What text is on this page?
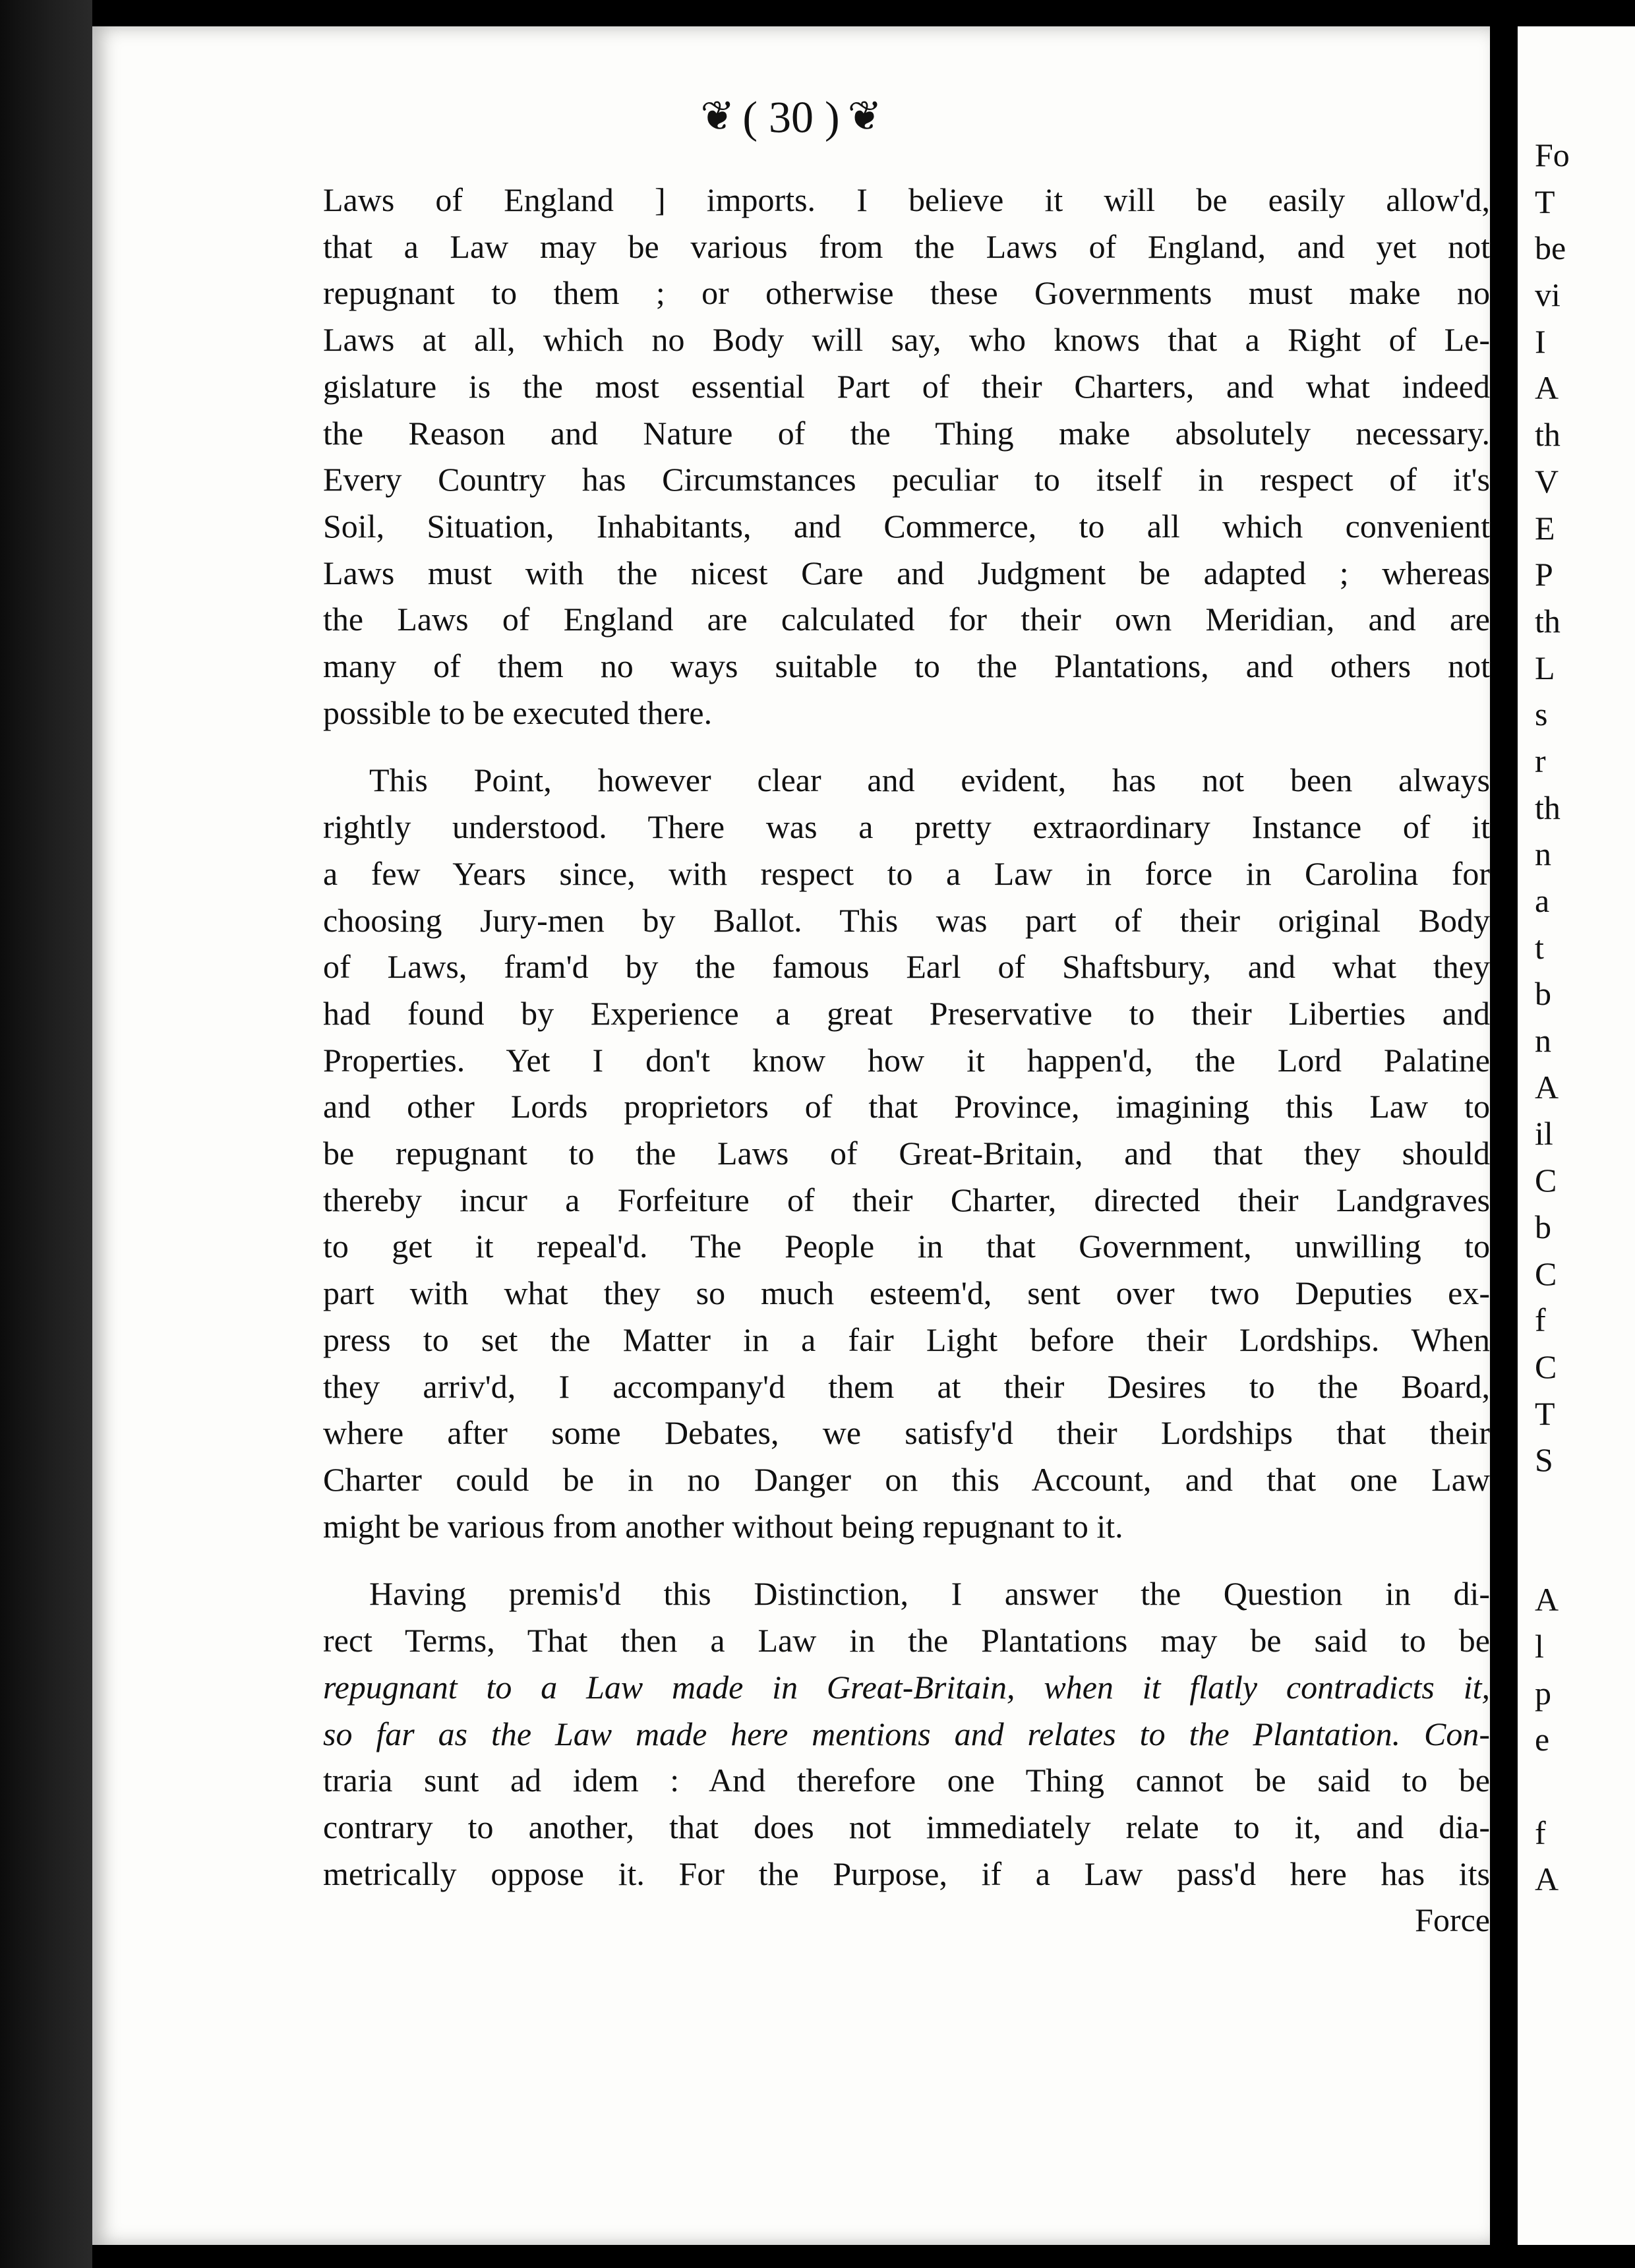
❦ ( 30 ) ❦
Laws of England ] imports. I believe it will be easily allow'd,
that a Law may be various from the Laws of England, and yet not
repugnant to them ; or otherwise these Governments must make no
Laws at all, which no Body will say, who knows that a Right of Le-
gislature is the most essential Part of their Charters, and what indeed
the Reason and Nature of the Thing make absolutely necessary.
Every Country has Circumstances peculiar to itself in respect of it's
Soil, Situation, Inhabitants, and Commerce, to all which convenient
Laws must with the nicest Care and Judgment be adapted ; whereas
the Laws of England are calculated for their own Meridian, and are
many of them no ways suitable to the Plantations, and others not
possible to be executed there.
This Point, however clear and evident, has not been always
rightly understood. There was a pretty extraordinary Instance of it
a few Years since, with respect to a Law in force in Carolina for
choosing Jury-men by Ballot. This was part of their original Body
of Laws, fram'd by the famous Earl of Shaftsbury, and what they
had found by Experience a great Preservative to their Liberties and
Properties. Yet I don't know how it happen'd, the Lord Palatine
and other Lords proprietors of that Province, imagining this Law to
be repugnant to the Laws of Great-Britain, and that they should
thereby incur a Forfeiture of their Charter, directed their Landgraves
to get it repeal'd. The People in that Government, unwilling to
part with what they so much esteem'd, sent over two Deputies ex-
press to set the Matter in a fair Light before their Lordships. When
they arriv'd, I accompany'd them at their Desires to the Board,
where after some Debates, we satisfy'd their Lordships that their
Charter could be in no Danger on this Account, and that one Law
might be various from another without being repugnant to it.
Having premis'd this Distinction, I answer the Question in di-
rect Terms, That then a Law in the Plantations may be said to be
repugnant to a Law made in Great-Britain, when it flatly contradicts it,
so far as the Law made here mentions and relates to the Plantation. Con-
traria sunt ad idem : And therefore one Thing cannot be said to be
contrary to another, that does not immediately relate to it, and dia-
metrically oppose it. For the Purpose, if a Law pass'd here has its
Force
Fo
T
be
vi
I
A
th
V
E
P
th
L
s
r
th
n
a
t
b
n
A
il
C
b
C
f
C
T
S
A
l
p
e
f
A
